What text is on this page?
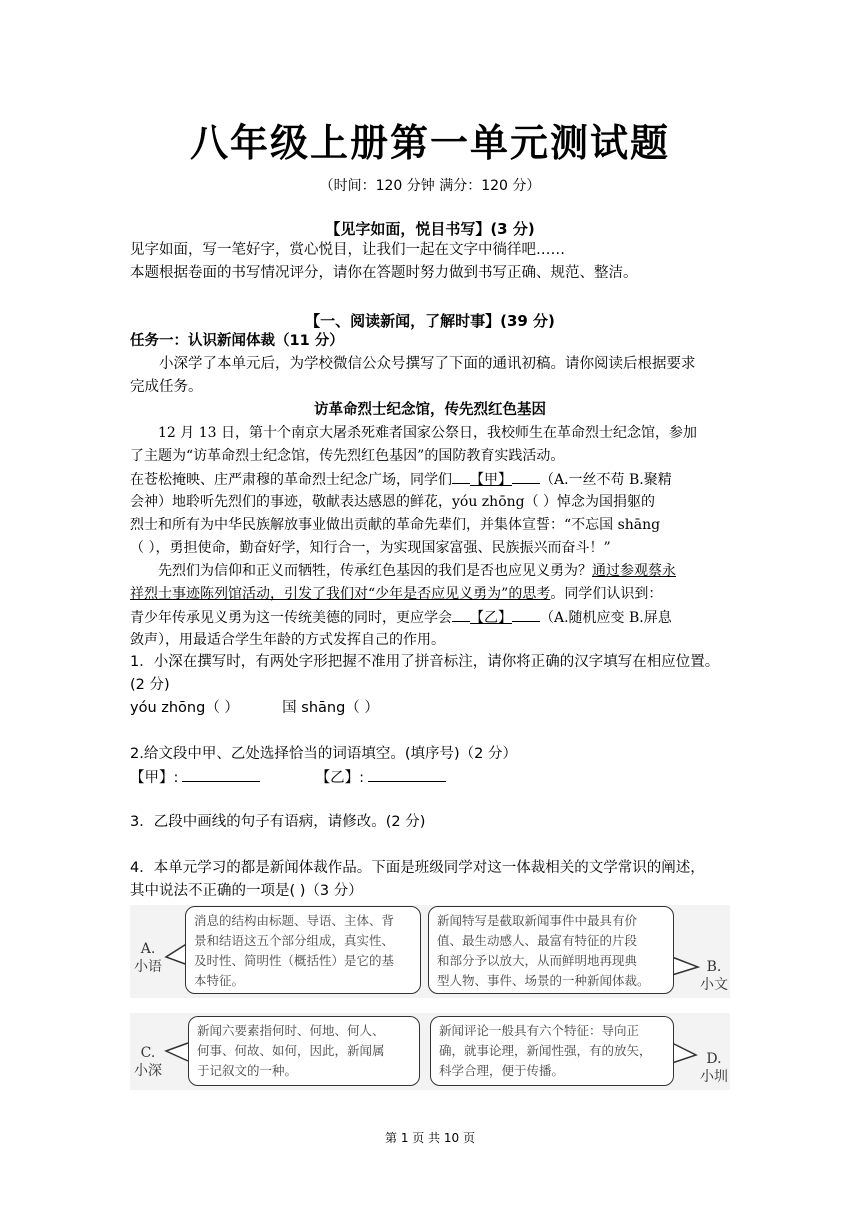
八年级上册第一单元测试题
（时间：120 分钟 满分：120 分）
【见字如面，悦目书写】(3 分)
见字如面，写一笔好字，赏心悦目，让我们一起在文字中徜徉吧……
本题根据卷面的书写情况评分，请你在答题时努力做到书写正确、规范、整洁。
【一、阅读新闻，了解时事】(39 分)
任务一：认识新闻体裁（11 分）
小深学了本单元后，为学校微信公众号撰写了下面的通讯初稿。请你阅读后根据要求
完成任务。
访革命烈士纪念馆，传先烈红色基因
12 月 13 日，第十个南京大屠杀死难者国家公祭日，我校师生在革命烈士纪念馆，参加
了主题为“访革命烈士纪念馆，传先烈红色基因”的国防教育实践活动。
在苍松掩映、庄严肃穆的革命烈士纪念广场，同学们 【甲】 （A.一丝不苟 B.聚精
会神）地聆听先烈们的事迹，敬献表达感恩的鲜花，yóu zhōng（ ）悼念为国捐躯的
烈士和所有为中华民族解放事业做出贡献的革命先辈们，并集体宣誓：“不忘国 shāng
（ ），勇担使命，勤奋好学，知行合一，为实现国家富强、民族振兴而奋斗！”
先烈们为信仰和正义而牺牲，传承红色基因的我们是否也应见义勇为？通过参观蔡永
祥烈士事迹陈列馆活动，引发了我们对“少年是否应见义勇为”的思考。同学们认识到：
青少年传承见义勇为这一传统美德的同时，更应学会 【乙】 （A.随机应变 B.屏息
敛声），用最适合学生年龄的方式发挥自己的作用。
1．小深在撰写时，有两处字形把握不准用了拼音标注，请你将正确的汉字填写在相应位置。
(2 分)
yóu zhōng（ ）	国 shāng（ ）
2.给文段中甲、乙处选择恰当的词语填空。(填序号)（2 分）
【甲】:	【乙】:
3．乙段中画线的句子有语病，请修改。(2 分)
4．本单元学习的都是新闻体裁作品。下面是班级同学对这一体裁相关的文学常识的阐述，
其中说法不正确的一项是( )（3 分）
A.
小语
消息的结构由标题、导语、主体、背
景和结语这五个部分组成，真实性、
及时性、简明性（概括性）是它的基
本特征。
新闻特写是截取新闻事件中最具有价
值、最生动感人、最富有特征的片段
和部分予以放大，从而鲜明地再现典
型人物、事件、场景的一种新闻体裁。
B.
小文
C.
小深
新闻六要素指何时、何地、何人、
何事、何故、如何，因此，新闻属
于记叙文的一种。
新闻评论一般具有六个特征：导向正
确，就事论理，新闻性强，有的放矢，
科学合理，便于传播。
D.
小圳
第 1 页 共 10 页
